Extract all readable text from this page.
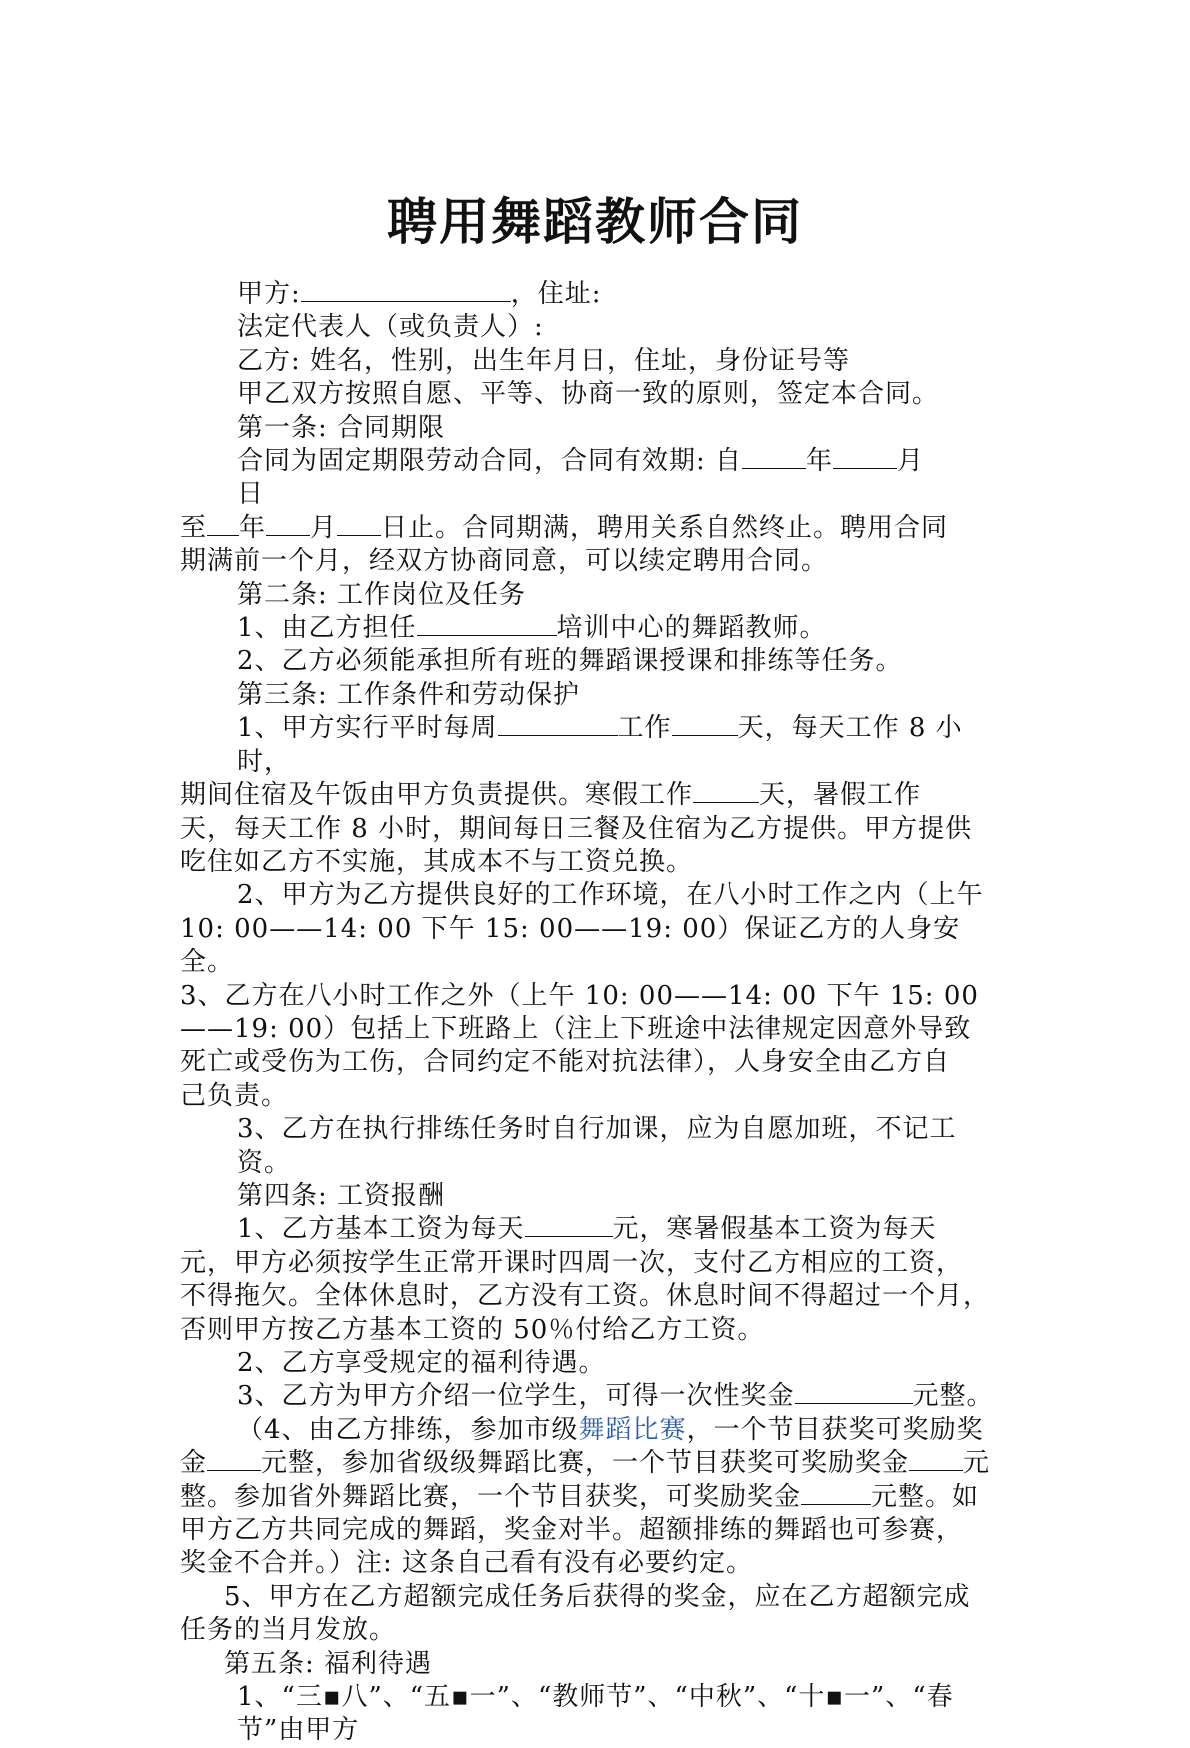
聘用舞蹈教师合同

甲方:	，住址:

法定代表人（或负责人）:

乙方: 姓名，性别，出生年月日，住址，身份证号等

甲乙双方按照自愿、平等、协商一致的原则，签定本合同。

第一条: 合同期限

合同为固定期限劳动合同，合同有效期: 自 年 月

日

至 年 月 日止。合同期满，聘用关系自然终止。聘用合同

期满前一个月，经双方协商同意，可以续定聘用合同。

第二条: 工作岗位及任务

1、由乙方担任	培训中心的舞蹈教师。

2、乙方必须能承担所有班的舞蹈课授课和排练等任务。

第三条: 工作条件和劳动保护

1、甲方实行平时每周	工作	天，每天工作 8 小时，

期间住宿及午饭由甲方负责提供。寒假工作	天，暑假工作

天，每天工作 8 小时，期间每日三餐及住宿为乙方提供。甲方提供

吃住如乙方不实施，其成本不与工资兑换。

2、甲方为乙方提供良好的工作环境，在八小时工作之内（上午

10: 00——14: 00 下午 15: 00——19: 00）保证乙方的人身安全。

3、乙方在八小时工作之外（上午 10: 00——14: 00 下午 15: 00

——19: 00）包括上下班路上（注上下班途中法律规定因意外导致

死亡或受伤为工伤，合同约定不能对抗法律），人身安全由乙方自

己负责。

3、乙方在执行排练任务时自行加课，应为自愿加班，不记工资。

第四条: 工资报酬

1、乙方基本工资为每天	元，寒暑假基本工资为每天

元，甲方必须按学生正常开课时四周一次，支付乙方相应的工资，

不得拖欠。全体休息时，乙方没有工资。休息时间不得超过一个月，

否则甲方按乙方基本工资的 50％付给乙方工资。

2、乙方享受规定的福利待遇。

3、乙方为甲方介绍一位学生，可得一次性奖金	元整。

（4、由乙方排练，参加市级舞蹈比赛，一个节目获奖可奖励奖

金 元整，参加省级级舞蹈比赛，一个节目获奖可奖励奖金 元

整。参加省外舞蹈比赛，一个节目获奖，可奖励奖金	元整。如

甲方乙方共同完成的舞蹈，奖金对半。超额排练的舞蹈也可参赛，

奖金不合并。）注: 这条自己看有没有必要约定。

5、甲方在乙方超额完成任务后获得的奖金，应在乙方超额完成

任务的当月发放。

第五条: 福利待遇

1、“三▪八”、“五▪一”、“教师节”、“中秋”、“十▪一”、“春节”由甲方
